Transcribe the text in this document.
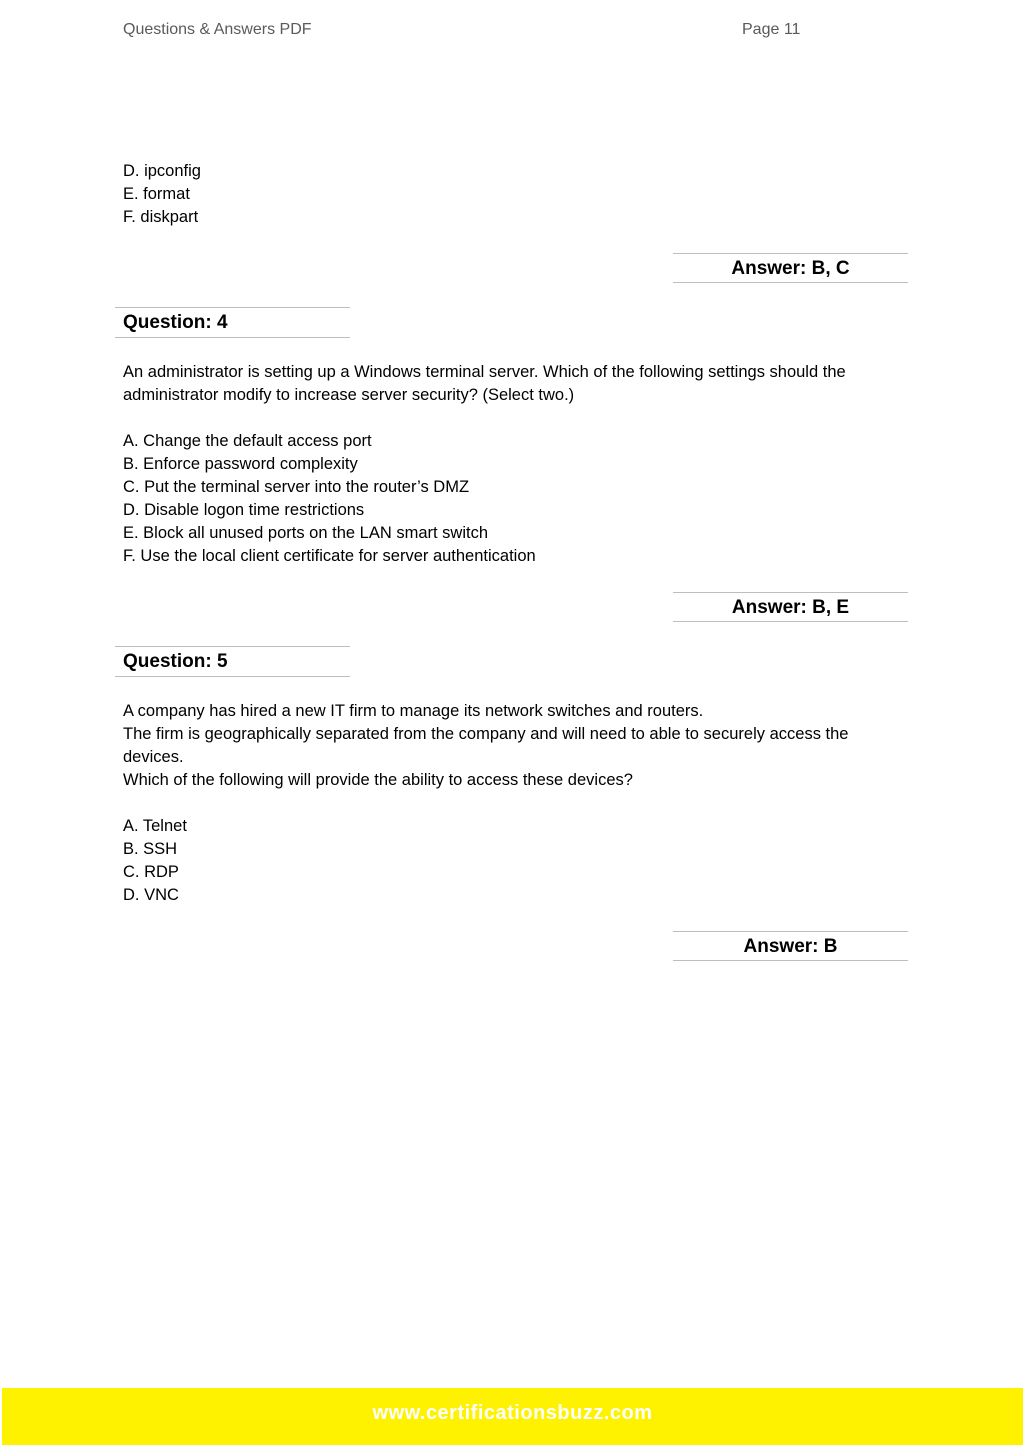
Questions & Answers PDF	Page 11
D. ipconfig
E. format
F. diskpart
Answer: B, C
Question: 4
An administrator is setting up a Windows terminal server. Which of the following settings should the
administrator modify to increase server security? (Select two.)
A. Change the default access port
B. Enforce password complexity
C. Put the terminal server into the router’s DMZ
D. Disable logon time restrictions
E. Block all unused ports on the LAN smart switch
F. Use the local client certificate for server authentication
Answer: B, E
Question: 5
A company has hired a new IT firm to manage its network switches and routers.
The firm is geographically separated from the company and will need to able to securely access the
devices.
Which of the following will provide the ability to access these devices?
A. Telnet
B. SSH
C. RDP
D. VNC
Answer: B
www.certificationsbuzz.com
